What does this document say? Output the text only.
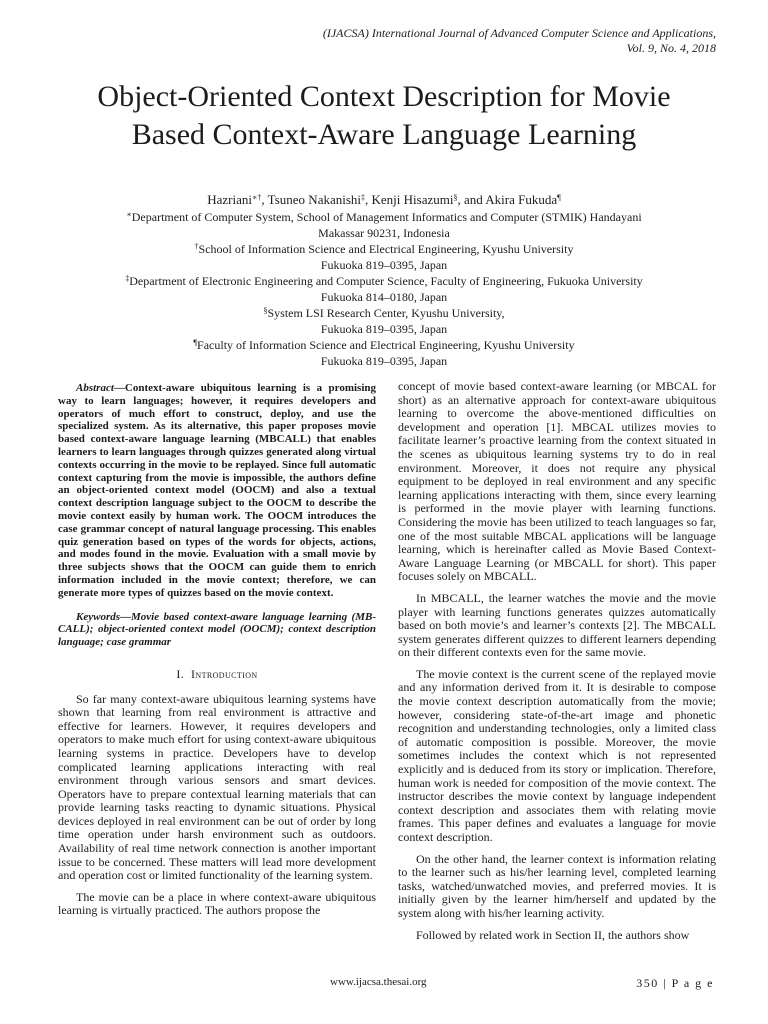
(IJACSA) International Journal of Advanced Computer Science and Applications,
Vol. 9, No. 4, 2018
Object-Oriented Context Description for Movie
Based Context-Aware Language Learning
Hazriani∗†, Tsuneo Nakanishi‡, Kenji Hisazumi§, and Akira Fukuda¶
∗Department of Computer System, School of Management Informatics and Computer (STMIK) Handayani
Makassar 90231, Indonesia
†School of Information Science and Electrical Engineering, Kyushu University
Fukuoka 819–0395, Japan
‡Department of Electronic Engineering and Computer Science, Faculty of Engineering, Fukuoka University
Fukuoka 814–0180, Japan
§System LSI Research Center, Kyushu University,
Fukuoka 819–0395, Japan
¶Faculty of Information Science and Electrical Engineering, Kyushu University
Fukuoka 819–0395, Japan

Abstract—Context-aware ubiquitous learning is a promising way to learn languages; however, it requires developers and operators of much effort to construct, deploy, and use the specialized system. As its alternative, this paper proposes movie based context-aware language learning (MBCALL) that enables learners to learn languages through quizzes generated along virtual contexts occurring in the movie to be replayed. Since full automatic context capturing from the movie is impossible, the authors define an object-oriented context model (OOCM) and also a textual context description language subject to the OOCM to describe the movie context easily by human work. The OOCM introduces the case grammar concept of natural language processing. This enables quiz generation based on types of the words for objects, actions, and modes found in the movie. Evaluation with a small movie by three subjects shows that the OOCM can guide them to enrich information included in the movie context; therefore, we can generate more types of quizzes based on the movie context.

Keywords—Movie based context-aware language learning (MB-CALL); object-oriented context model (OOCM); context description language; case grammar

I. Introduction

So far many context-aware ubiquitous learning systems have shown that learning from real environment is attractive and effective for learners. However, it requires developers and operators to make much effort for using context-aware ubiquitous learning systems in practice. Developers have to develop complicated learning applications interacting with real environment through various sensors and smart devices. Operators have to prepare contextual learning materials that can provide learning tasks reacting to dynamic situations. Physical devices deployed in real environment can be out of order by long time operation under harsh environment such as outdoors. Availability of real time network connection is another important issue to be concerned. These matters will lead more development and operation cost or limited functionality of the learning system.

The movie can be a place in where context-aware ubiquitous learning is virtually practiced. The authors propose the

concept of movie based context-aware learning (or MBCAL for short) as an alternative approach for context-aware ubiquitous learning to overcome the above-mentioned difficulties on development and operation [1]. MBCAL utilizes movies to facilitate learner’s proactive learning from the context situated in the scenes as ubiquitous learning systems try to do in real environment. Moreover, it does not require any physical equipment to be deployed in real environment and any specific learning applications interacting with them, since every learning is performed in the movie player with learning functions. Considering the movie has been utilized to teach languages so far, one of the most suitable MBCAL applications will be language learning, which is hereinafter called as Movie Based Context-Aware Language Learning (or MBCALL for short). This paper focuses solely on MBCALL.

In MBCALL, the learner watches the movie and the movie player with learning functions generates quizzes automatically based on both movie’s and learner’s contexts [2]. The MBCALL system generates different quizzes to different learners depending on their different contexts even for the same movie.

The movie context is the current scene of the replayed movie and any information derived from it. It is desirable to compose the movie context description automatically from the movie; however, considering state-of-the-art image and phonetic recognition and understanding technologies, only a limited class of automatic composition is possible. Moreover, the movie sometimes includes the context which is not represented explicitly and is deduced from its story or implication. Therefore, human work is needed for composition of the movie context. The instructor describes the movie context by language independent context description and associates them with relating movie frames. This paper defines and evaluates a language for movie context description.

On the other hand, the learner context is information relating to the learner such as his/her learning level, completed learning tasks, watched/unwatched movies, and preferred movies. It is initially given by the learner him/herself and updated by the system along with his/her learning activity.

Followed by related work in Section II, the authors show

www.ijacsa.thesai.org	350 | P a g e
